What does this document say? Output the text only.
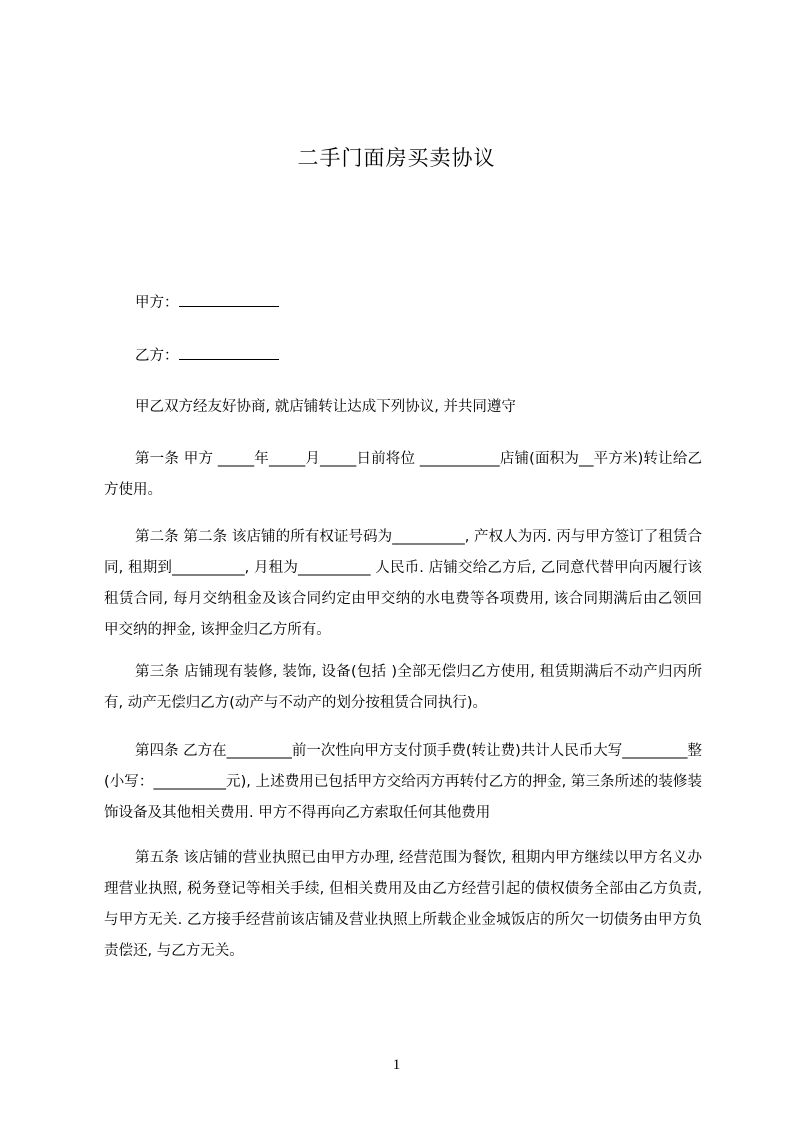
二手门面房买卖协议
甲方：
乙方：

甲乙双方经友好协商, 就店铺转让达成下列协议, 并共同遵守

第一条 甲方 _____年_____月_____日前将位 ___________店铺(面积为__平方米)转让给乙方使用。

第二条 第二条 该店铺的所有权证号码为__________, 产权人为丙. 丙与甲方签订了租赁合同, 租期到__________, 月租为__________ 人民币. 店铺交给乙方后, 乙同意代替甲向丙履行该租赁合同, 每月交纳租金及该合同约定由甲交纳的水电费等各项费用, 该合同期满后由乙领回甲交纳的押金, 该押金归乙方所有。

第三条 店铺现有装修, 装饰, 设备(包括 )全部无偿归乙方使用, 租赁期满后不动产归丙所有, 动产无偿归乙方(动产与不动产的划分按租赁合同执行)。

第四条 乙方在_________前一次性向甲方支付顶手费(转让费)共计人民币大写_________整(小写：__________元), 上述费用已包括甲方交给丙方再转付乙方的押金, 第三条所述的装修装饰设备及其他相关费用. 甲方不得再向乙方索取任何其他费用

第五条 该店铺的营业执照已由甲方办理, 经营范围为餐饮, 租期内甲方继续以甲方名义办理营业执照, 税务登记等相关手续, 但相关费用及由乙方经营引起的债权债务全部由乙方负责, 与甲方无关. 乙方接手经营前该店铺及营业执照上所载企业金城饭店的所欠一切债务由甲方负责偿还, 与乙方无关。

1
